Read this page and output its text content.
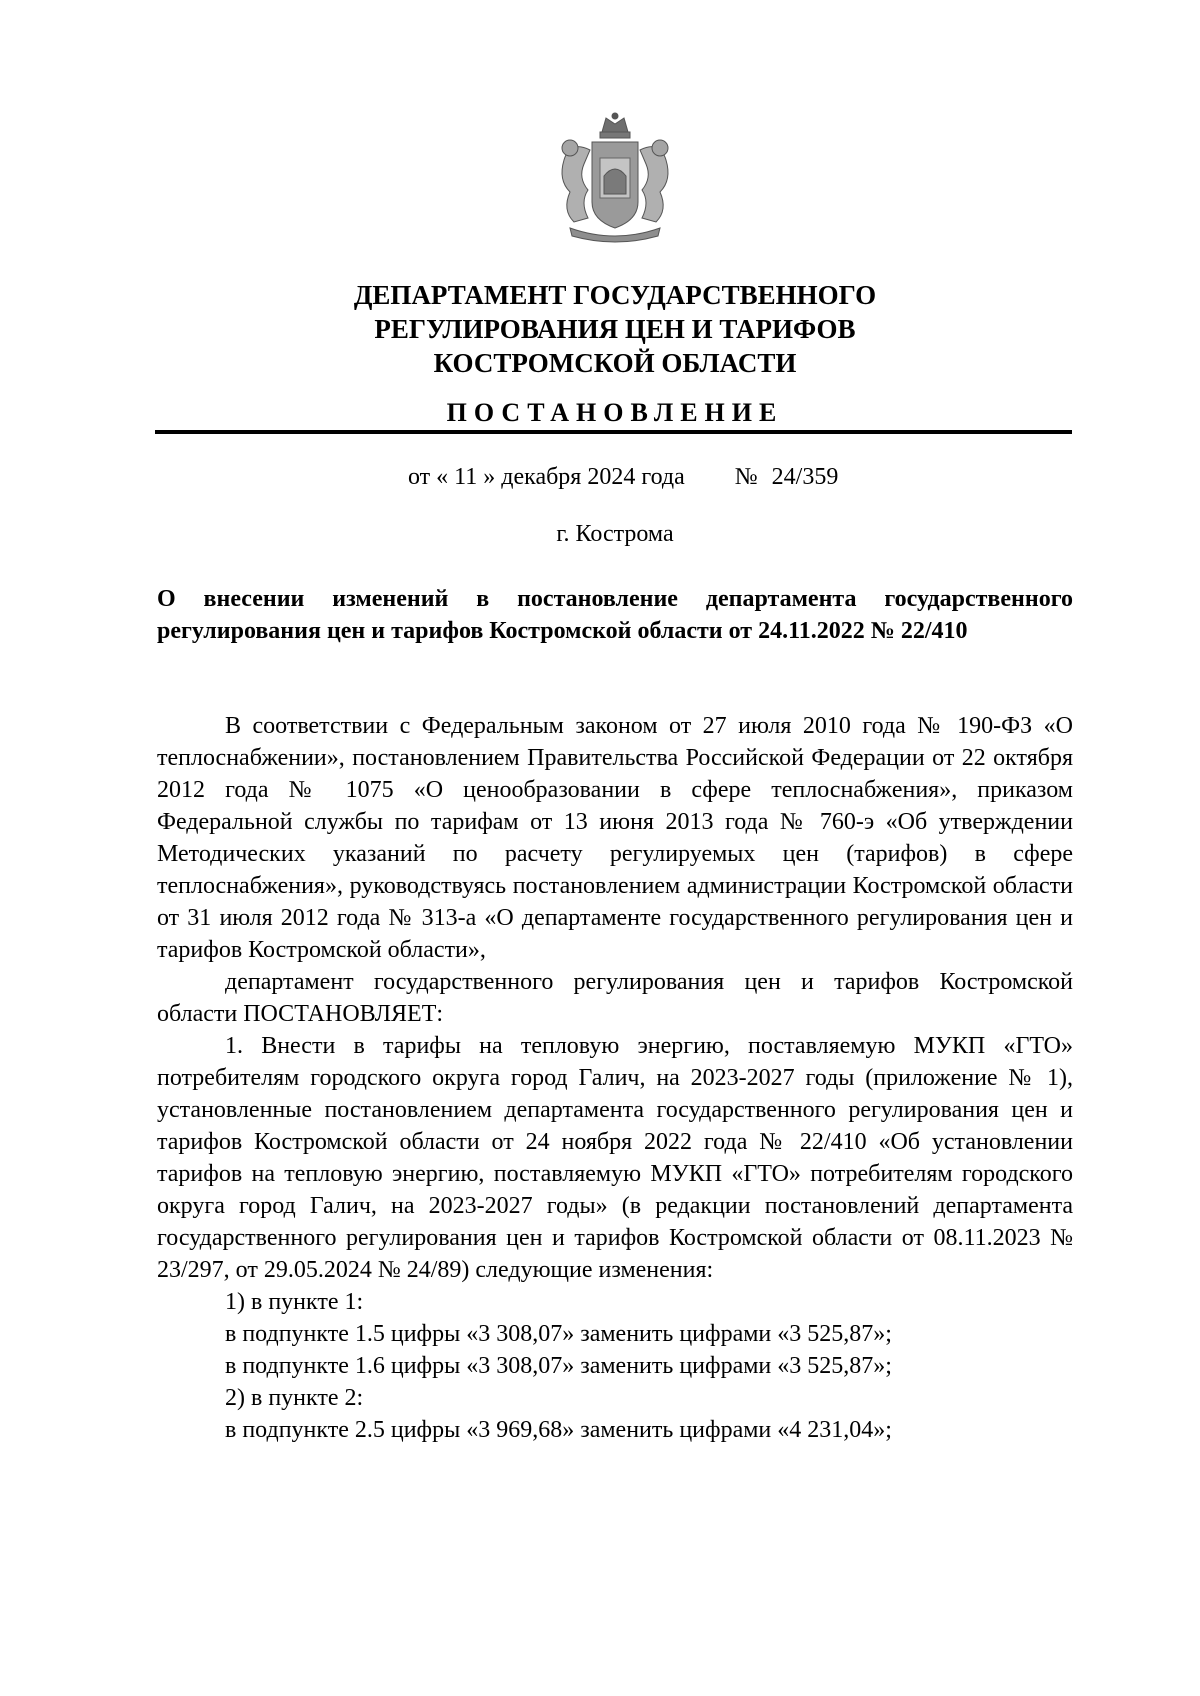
ДЕПАРТАМЕНТ ГОСУДАРСТВЕННОГО
РЕГУЛИРОВАНИЯ ЦЕН И ТАРИФОВ
КОСТРОМСКОЙ ОБЛАСТИ
ПОСТАНОВЛЕНИЕ
от « 11 » декабря 2024 года № 24/359
г. Кострома
О внесении изменений в постановление департамента государственного регулирования цен и тарифов Костромской области от 24.11.2022 № 22/410

В соответствии с Федеральным законом от 27 июля 2010 года № 190-ФЗ «О теплоснабжении», постановлением Правительства Российской Федерации от 22 октября 2012 года № 1075 «О ценообразовании в сфере теплоснабжения», приказом Федеральной службы по тарифам от 13 июня 2013 года № 760-э «Об утверждении Методических указаний по расчету регулируемых цен (тарифов) в сфере теплоснабжения», руководствуясь постановлением администрации Костромской области от 31 июля 2012 года № 313-а «О департаменте государственного регулирования цен и тарифов Костромской области»,

департамент государственного регулирования цен и тарифов Костромской области ПОСТАНОВЛЯЕТ:

1. Внести в тарифы на тепловую энергию, поставляемую МУКП «ГТО» потребителям городского округа город Галич, на 2023-2027 годы (приложение № 1), установленные постановлением департамента государственного регулирования цен и тарифов Костромской области от 24 ноября 2022 года № 22/410 «Об установлении тарифов на тепловую энергию, поставляемую МУКП «ГТО» потребителям городского округа город Галич, на 2023-2027 годы» (в редакции постановлений департамента государственного регулирования цен и тарифов Костромской области от 08.11.2023 № 23/297, от 29.05.2024 № 24/89) следующие изменения:

1) в пункте 1:

в подпункте 1.5 цифры «3 308,07» заменить цифрами «3 525,87»;

в подпункте 1.6 цифры «3 308,07» заменить цифрами «3 525,87»;

2) в пункте 2:

в подпункте 2.5 цифры «3 969,68» заменить цифрами «4 231,04»;
